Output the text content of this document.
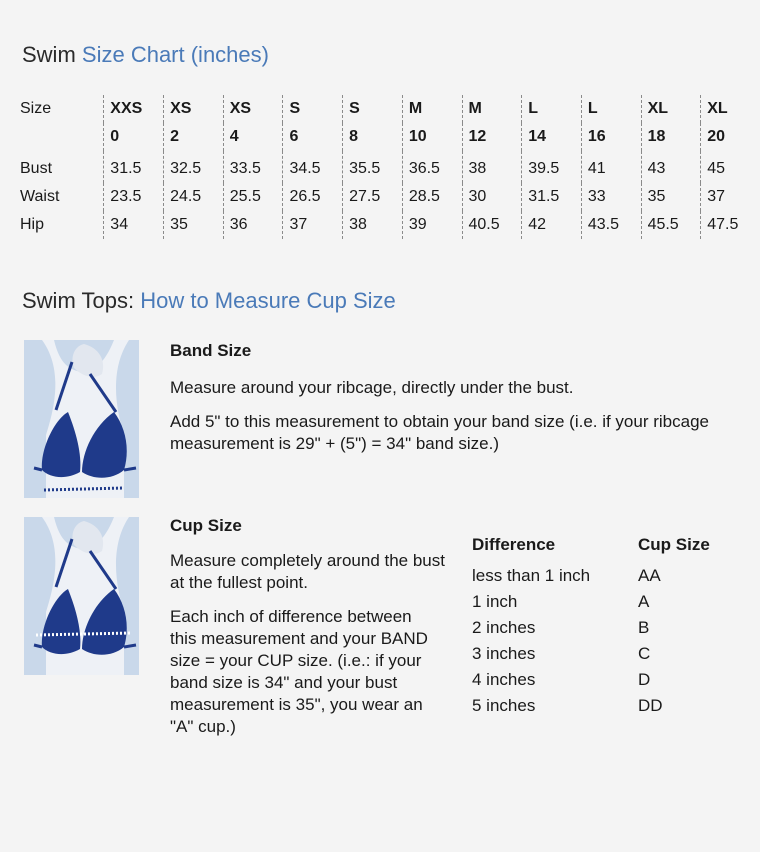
Swim Size Chart (inches)
Size	XXS	XS	XS	S	S	M	M	L	L	XL	XL
	0	2	4	6	8	10	12	14	16	18	20
Bust	31.5	32.5	33.5	34.5	35.5	36.5	38	39.5	41	43	45
Waist	23.5	24.5	25.5	26.5	27.5	28.5	30	31.5	33	35	37
Hip	34	35	36	37	38	39	40.5	42	43.5	45.5	47.5
Swim Tops: How to Measure Cup Size
Band Size
Measure around your ribcage, directly under the bust.
Add 5" to this measurement to obtain your band size (i.e. if your ribcage measurement is 29" + (5") = 34" band size.)
Cup Size
Measure completely around the bust at the fullest point.
Each inch of difference between this measurement and your BAND size = your CUP size. (i.e.: if your band size is 34" and your bust measurement is 35", you wear an "A" cup.)
Difference	Cup Size
less than 1 inch	AA
1 inch	A
2 inches	B
3 inches	C
4 inches	D
5 inches	DD
